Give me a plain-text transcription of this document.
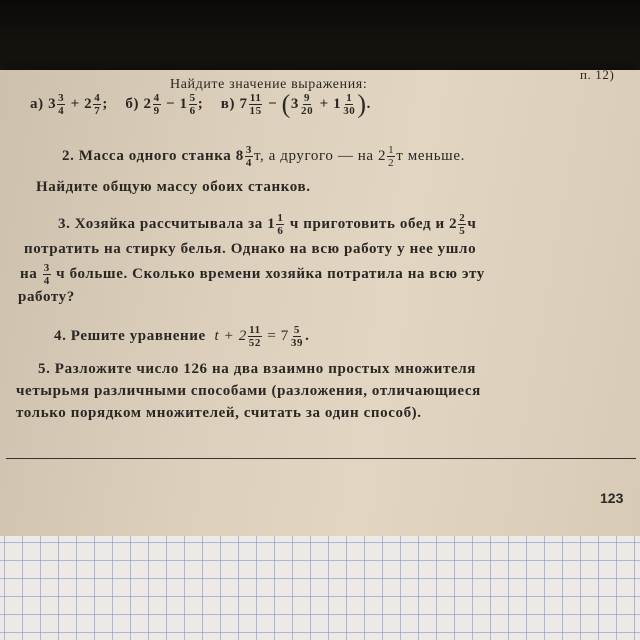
Найдите значение выражения:
п. 12)
а) $3 \frac{3}{4} + 2 \frac{4}{7}$ ; б) $2 \frac{4}{9} - 1 \frac{5}{6}$ ; в) $7 \frac{11}{15} - (3 \frac{9}{20} + 1 \frac{1}{30}$ ).
2. Масса одного станка $8 \frac{3}{4} т$, а другого — на $2 \frac{1}{2}$ т меньше.
Найдите общую массу обоих станков.
3. Хозяйка рассчитывала за $1 \frac{1}{6}$ ч приготовить обед и $2 \frac{2}{5}$ ч
потратить на стирку белья. Однако на всю работу у нее ушло
на $\frac{3}{4}$ ч больше. Сколько времени хозяйка потратила на всю эту
работу?
4. Решите уравнение $t + 2 \frac{11}{52} = 7 \frac{5}{39}$ .
5. Разложите число 126 на два взаимно простых множителя
четырьмя различными способами (разложения, отличающиеся
только порядком множителей, считать за один способ).
123
